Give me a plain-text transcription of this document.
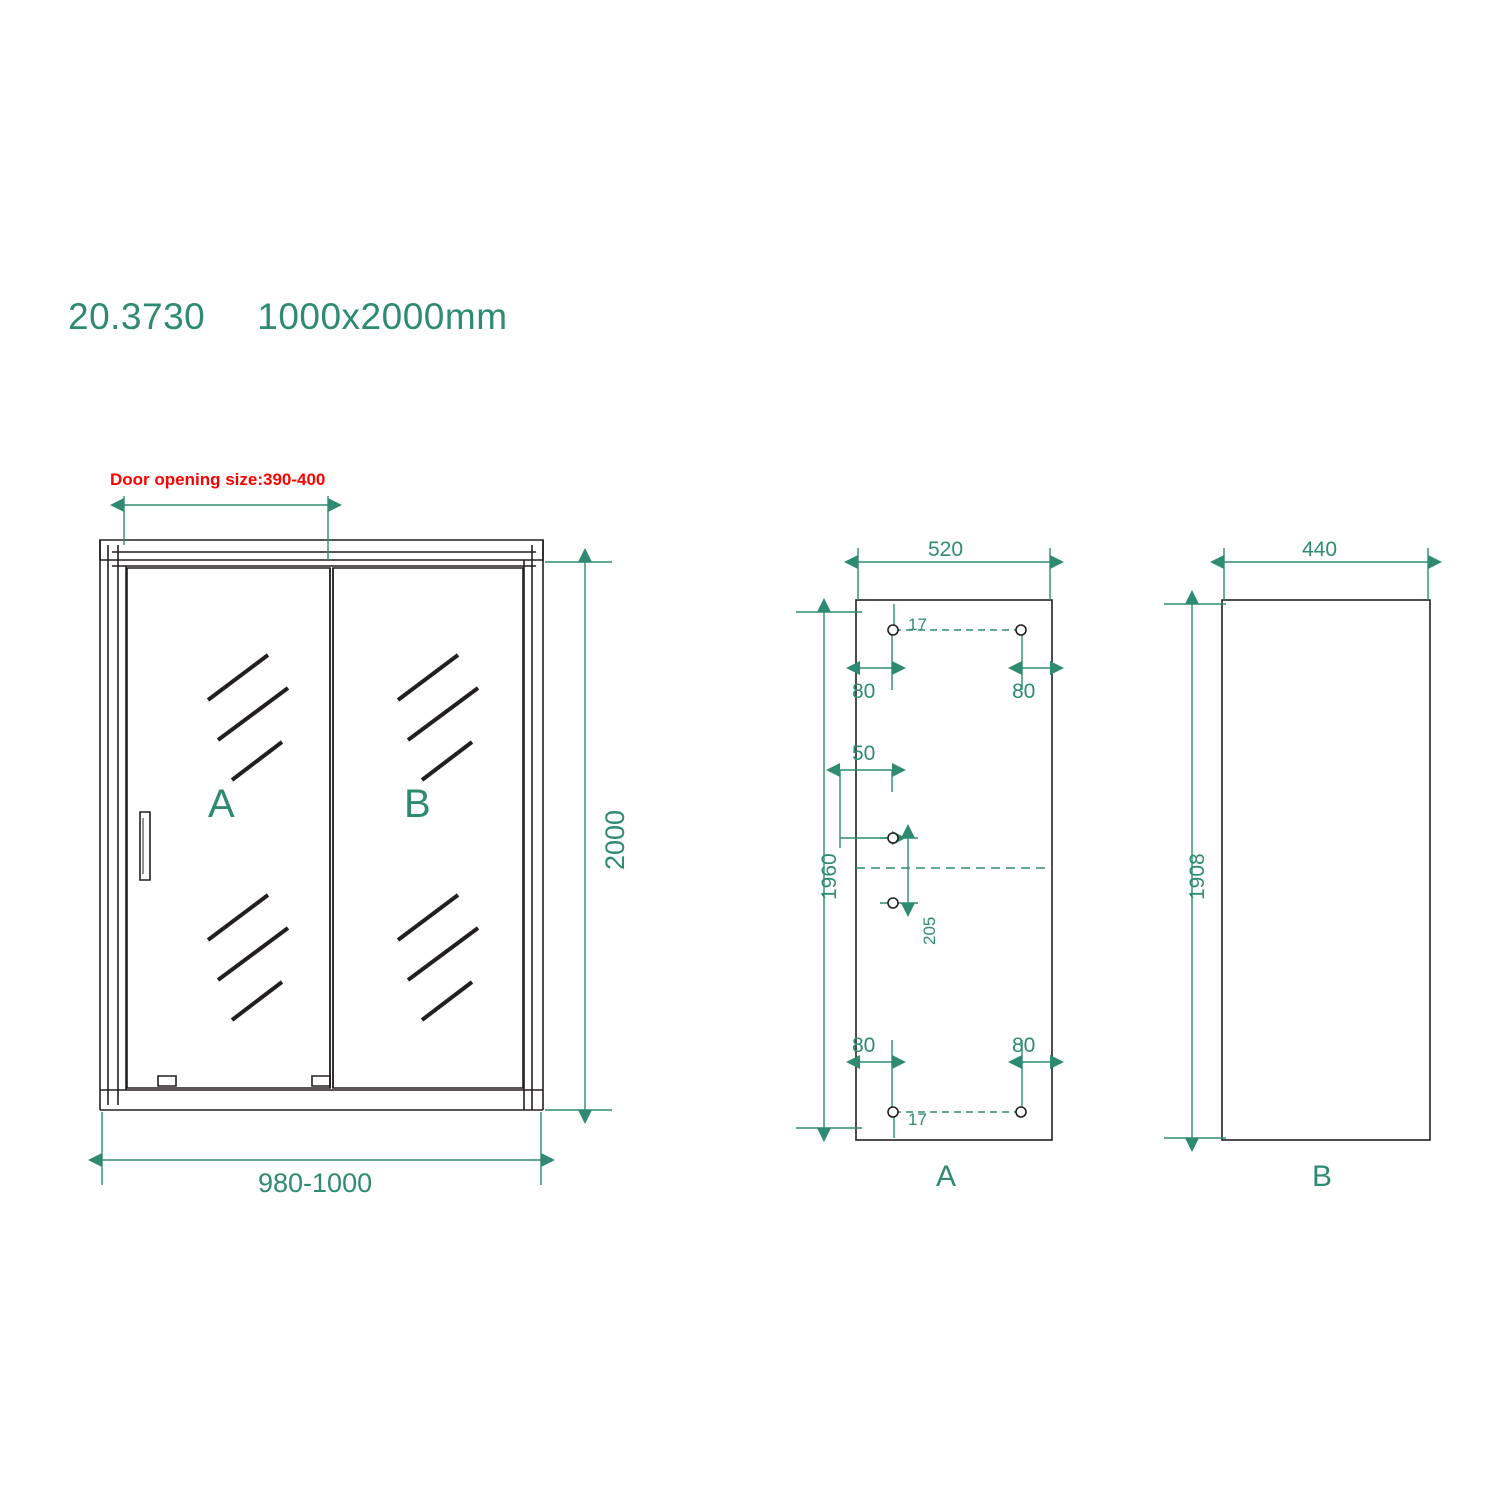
20.3730 1000x2000mm
Door opening size:390-400
A	B
2000
980-1000
520
1960
17
17
80	80
50
205
80	80
A
440
1908
B
